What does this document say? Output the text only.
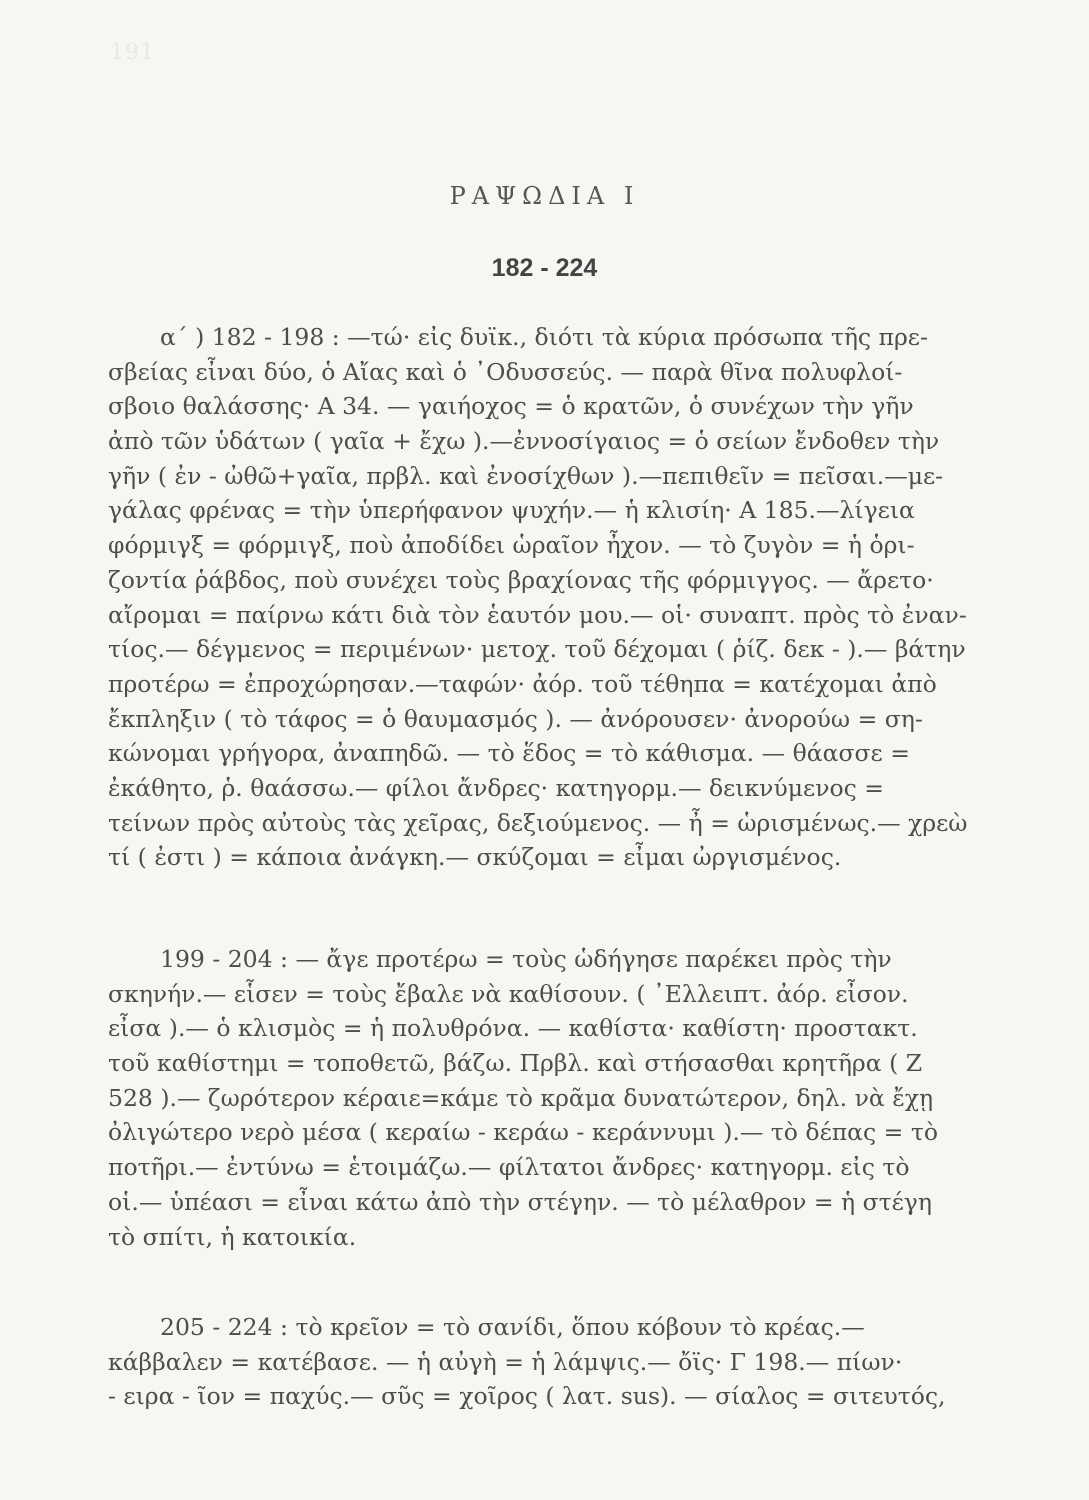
191
ΡΑΨΩΔΙΑ Ι
182 - 224
α΄ ) 182 - 198 : —τώ· εἰς δυϊκ., διότι τὰ κύρια πρόσωπα τῆς πρε-
σβείας εἶναι δύο, ὁ Αἴας καὶ ὁ ᾿Οδυσσεύς. — παρὰ θῖνα πολυφλοί-
σβοιο θαλάσσης· Α 34. — γαιήοχος = ὁ κρατῶν, ὁ συνέχων τὴν γῆν
ἀπὸ τῶν ὑδάτων ( γαῖα + ἔχω ).—ἐννοσίγαιος = ὁ σείων ἔνδοθεν τὴν
γῆν ( ἐν - ὠθῶ+γαῖα, πρβλ. καὶ ἐνοσίχθων ).—πεπιθεῖν = πεῖσαι.—με-
γάλας φρένας = τὴν ὑπερήφανον ψυχήν.— ἡ κλισίη· Α 185.—λίγεια
φόρμιγξ = φόρμιγξ, ποὺ ἀποδίδει ὡραῖον ἦχον. — τὸ ζυγὸν = ἡ ὁρι-
ζοντία ῥάβδος, ποὺ συνέχει τοὺς βραχίονας τῆς φόρμιγγος. — ἄρετο·
αἴρομαι = παίρνω κάτι διὰ τὸν ἑαυτόν μου.— οἱ· συναπτ. πρὸς τὸ ἐναν-
τίος.— δέγμενος = περιμένων· μετοχ. τοῦ δέχομαι ( ῥίζ. δεκ - ).— βάτην
προτέρω = ἐπροχώρησαν.—ταφών· ἀόρ. τοῦ τέθηπα = κατέχομαι ἀπὸ
ἔκπληξιν ( τὸ τάφος = ὁ θαυμασμός ). — ἀνόρουσεν· ἀνορούω = ση-
κώνομαι γρήγορα, ἀναπηδῶ. — τὸ ἕδος = τὸ κάθισμα. — θάασσε =
ἐκάθητο, ῥ. θαάσσω.— φίλοι ἄνδρες· κατηγορμ.— δεικνύμενος =
τείνων πρὸς αὐτοὺς τὰς χεῖρας, δεξιούμενος. — ἦ = ὡρισμένως.— χρεὼ
τί ( ἐστι ) = κάποια ἀνάγκη.— σκύζομαι = εἶμαι ὠργισμένος.
199 - 204 : — ἄγε προτέρω = τοὺς ὡδήγησε παρέκει πρὸς τὴν
σκηνήν.— εἷσεν = τοὺς ἔβαλε νὰ καθίσουν. ( ᾿Ελλειπτ. ἀόρ. εἶσον.
εἶσα ).— ὁ κλισμὸς = ἡ πολυθρόνα. — καθίστα· καθίστη· προστακτ.
τοῦ καθίστημι = τοποθετῶ, βάζω. Πρβλ. καὶ στήσασθαι κρητῆρα ( Ζ
528 ).— ζωρότερον κέραιε=κάμε τὸ κρᾶμα δυνατώτερον, δηλ. νὰ ἔχῃ
ὀλιγώτερο νερὸ μέσα ( κεραίω - κεράω - κεράννυμι ).— τὸ δέπας = τὸ
ποτῆρι.— ἐντύνω = ἑτοιμάζω.— φίλτατοι ἄνδρες· κατηγορμ. εἰς τὸ
οἱ.— ὑπέασι = εἶναι κάτω ἀπὸ τὴν στέγην. — τὸ μέλαθρον = ἡ στέγη
τὸ σπίτι, ἡ κατοικία.
205 - 224 : τὸ κρεῖον = τὸ σανίδι, ὅπου κόβουν τὸ κρέας.—
κάββαλεν = κατέβασε. — ἡ αὐγὴ = ἡ λάμψις.— ὄϊς· Γ 198.— πίων·
- ειρα - ῖον = παχύς.— σῦς = χοῖρος ( λατ. sus). — σίαλος = σιτευτός,
